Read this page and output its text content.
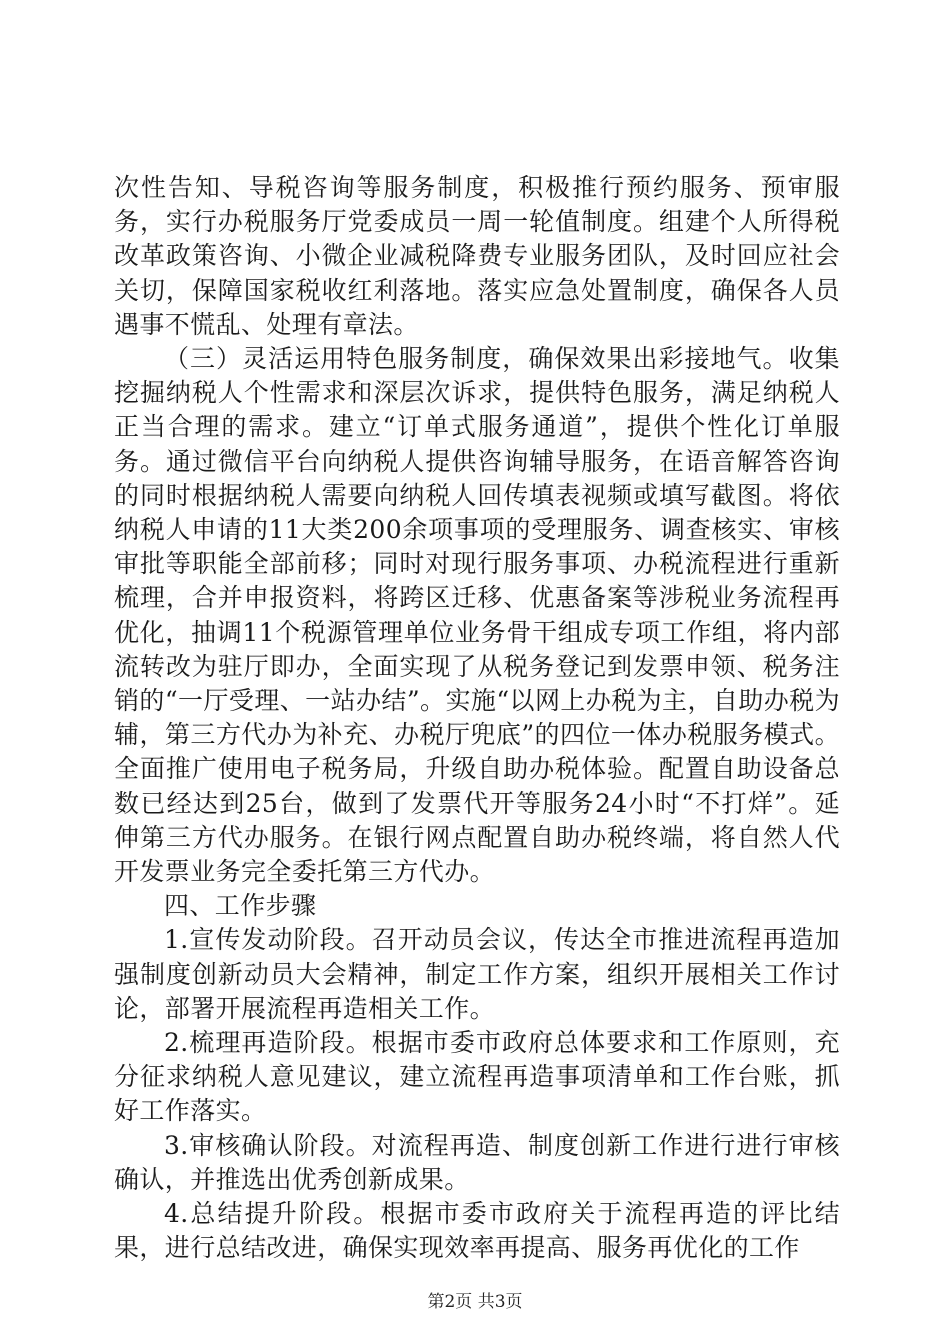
次性告知、导税咨询等服务制度，积极推行预约服务、预审服务，实行办税服务厅党委成员一周一轮值制度。组建个人所得税改革政策咨询、小微企业减税降费专业服务团队，及时回应社会关切，保障国家税收红利落地。落实应急处置制度，确保各人员遇事不慌乱、处理有章法。

（三）灵活运用特色服务制度，确保效果出彩接地气。收集挖掘纳税人个性需求和深层次诉求，提供特色服务，满足纳税人正当合理的需求。建立“订单式服务通道”，提供个性化订单服务。通过微信平台向纳税人提供咨询辅导服务，在语音解答咨询的同时根据纳税人需要向纳税人回传填表视频或填写截图。将依纳税人申请的11大类200余项事项的受理服务、调查核实、审核审批等职能全部前移；同时对现行服务事项、办税流程进行重新梳理，合并申报资料，将跨区迁移、优惠备案等涉税业务流程再优化，抽调11个税源管理单位业务骨干组成专项工作组，将内部流转改为驻厅即办，全面实现了从税务登记到发票申领、税务注销的“一厅受理、一站办结”。实施“以网上办税为主，自助办税为辅，第三方代办为补充、办税厅兜底”的四位一体办税服务模式。全面推广使用电子税务局，升级自助办税体验。配置自助设备总数已经达到25台，做到了发票代开等服务24小时“不打烊”。延伸第三方代办服务。在银行网点配置自助办税终端，将自然人代开发票业务完全委托第三方代办。

四、工作步骤

1.宣传发动阶段。召开动员会议，传达全市推进流程再造加强制度创新动员大会精神，制定工作方案，组织开展相关工作讨论，部署开展流程再造相关工作。

2.梳理再造阶段。根据市委市政府总体要求和工作原则，充分征求纳税人意见建议，建立流程再造事项清单和工作台账，抓好工作落实。

3.审核确认阶段。对流程再造、制度创新工作进行进行审核确认，并推选出优秀创新成果。

4.总结提升阶段。根据市委市政府关于流程再造的评比结果，进行总结改进，确保实现效率再提高、服务再优化的工作

第2页 共3页
